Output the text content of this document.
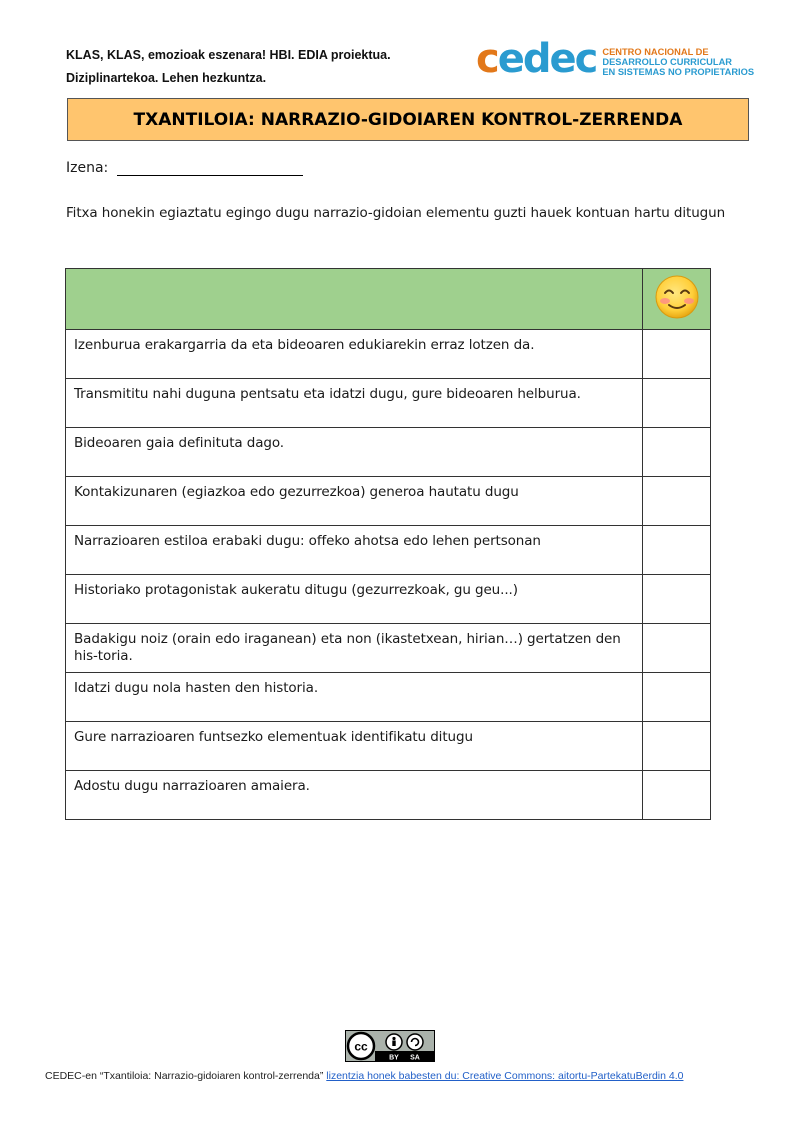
KLAS, KLAS, emozioak eszenara! HBI. EDIA proiektua.
Diziplinartekoa. Lehen hezkuntza.	cedec CENTRO NACIONAL DE
DESARROLLO CURRICULAR
EN SISTEMAS NO PROPIETARIOS
TXANTILOIA: NARRAZIO-GIDOIAREN KONTROL-ZERRENDA
Izena:
Fitxa honekin egiaztatu egingo dugu narrazio-gidoian elementu guzti hauek kontuan hartu ditugun

Izenburua erakargarria da eta bideoaren edukiarekin erraz lotzen da.	
Transmititu nahi duguna pentsatu eta idatzi dugu, gure bideoaren helburua.	
Bideoaren gaia definituta dago.	
Kontakizunaren (egiazkoa edo gezurrezkoa) generoa hautatu dugu	
Narrazioaren estiloa erabaki dugu: offeko ahotsa edo lehen pertsonan	
Historiako protagonistak aukeratu ditugu (gezurrezkoak, gu geu...)	
Badakigu noiz (orain edo iraganean) eta non (ikastetxean, hirian…) gertatzen den his-toria.	
Idatzi dugu nola hasten den historia.	
Gure narrazioaren funtsezko elementuak identifikatu ditugu	
Adostu dugu narrazioaren amaiera.	
cc
BY SA
CEDEC-en “Txantiloia: Narrazio-gidoiaren kontrol-zerrenda” lizentzia honek babesten du: Creative Commons: aitortu-PartekatuBerdin 4.0
